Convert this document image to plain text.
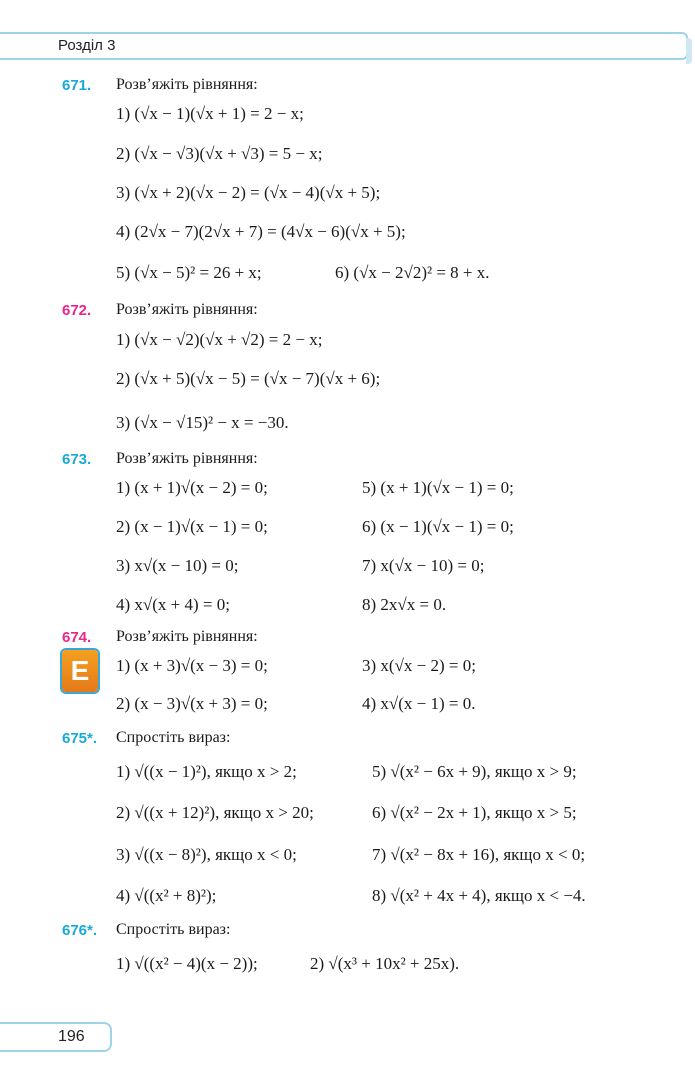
Розділ 3
671.	Розв’яжіть рівняння:
1) (√x − 1)(√x + 1) = 2 − x;
2) (√x − √3)(√x + √3) = 5 − x;
3) (√x + 2)(√x − 2) = (√x − 4)(√x + 5);
4) (2√x − 7)(2√x + 7) = (4√x − 6)(√x + 5);
5) (√x − 5)² = 26 + x;	6) (√x − 2√2)² = 8 + x.
672.	Розв’яжіть рівняння:
1) (√x − √2)(√x + √2) = 2 − x;
2) (√x + 5)(√x − 5) = (√x − 7)(√x + 6);
3) (√x − √15)² − x = −30.
673.	Розв’яжіть рівняння:
1) (x + 1)√(x − 2) = 0;	5) (x + 1)(√x − 1) = 0;
2) (x − 1)√(x − 1) = 0;	6) (x − 1)(√x − 1) = 0;
3) x√(x − 10) = 0;	7) x(√x − 10) = 0;
4) x√(x + 4) = 0;	8) 2x√x = 0.
674.	Розв’яжіть рівняння:
E	1) (x + 3)√(x − 3) = 0;	3) x(√x − 2) = 0;
2) (x − 3)√(x + 3) = 0;	4) x√(x − 1) = 0.
675*.	Спростіть вираз:
1) √((x − 1)²), якщо x > 2;	5) √(x² − 6x + 9), якщо x > 9;
2) √((x + 12)²), якщо x > 20;	6) √(x² − 2x + 1), якщо x > 5;
3) √((x − 8)²), якщо x < 0;	7) √(x² − 8x + 16), якщо x < 0;
4) √((x² + 8)²);	8) √(x² + 4x + 4), якщо x < −4.
676*.	Спростіть вираз:
1) √((x² − 4)(x − 2));	2) √(x³ + 10x² + 25x).
196
